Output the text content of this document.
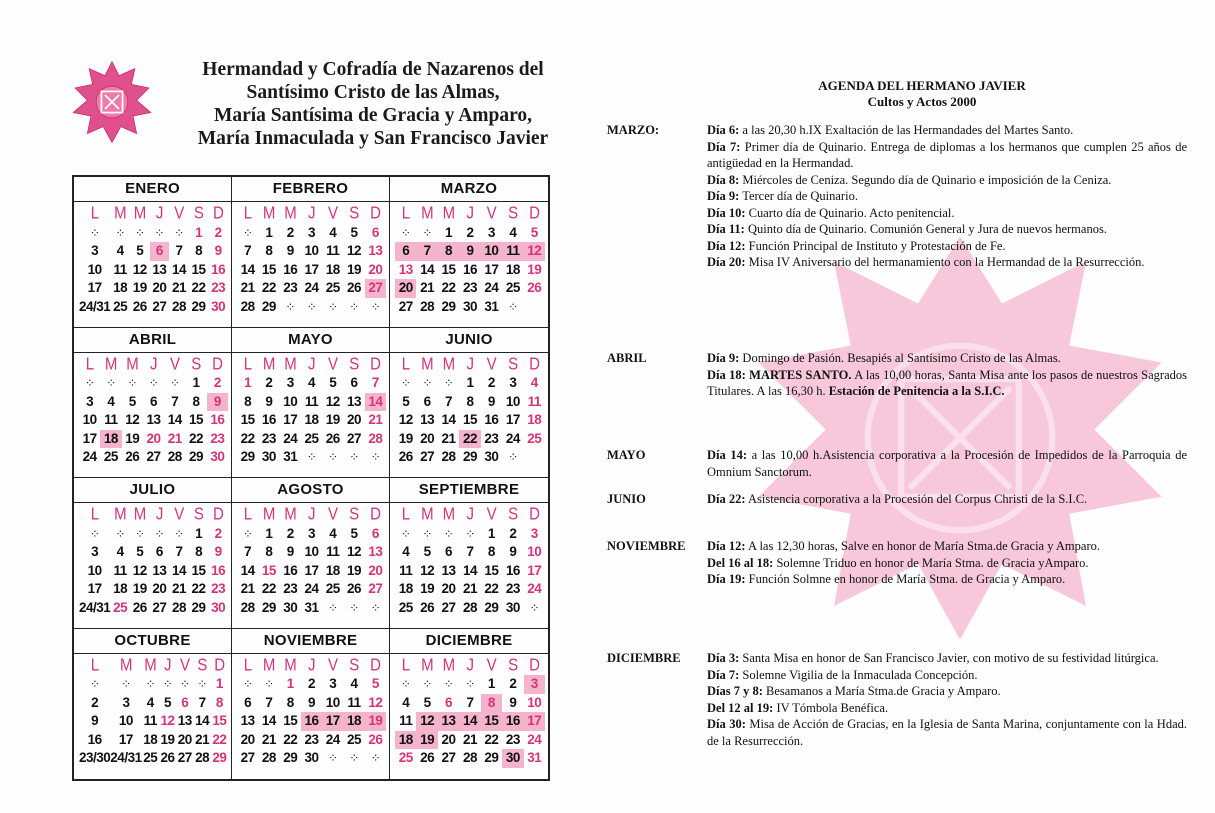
Hermandad y Cofradía de Nazarenos del
Santísimo Cristo de las Almas,
María Santísima de Gracia y Amparo,
María Inmaculada y San Francisco Javier
ENERO
L	M M J V S D
⁘	⁘ ⁘ ⁘ ⁘ 1 2
3	4 5 6 7 8 9
10 11 12 13 14 15 16
17 18 19 20 21 22 23
24/31 25 26 27 28 29 30
FEBRERO
L M M J V S D
⁘ 1	2	3	4	5	6
7	8	9 10 11 12 13
14 15 16 17 18 19 20
21 22 23 24 25 26 27
28 29 ⁘ ⁘ ⁘ ⁘ ⁘
MARZO
L M M J V S D
⁘ ⁘ 1	2	3	4	5
6	7	8	9 10 11 12
13 14 15 16 17 18 19
20 21 22 23 24 25 26
27 28 29 30 31 ⁘
ABRIL
L M M J V S D
⁘ ⁘ ⁘ ⁘ ⁘ 1	2
3	4	5	6	7	8	9
10 11 12 13 14 15 16
17 18 19 20 21 22 23
24 25 26 27 28 29 30
MAYO
L M M J V S D
1	2	3	4	5	6	7
8	9 10 11 12 13 14
15 16 17 18 19 20 21
22 23 24 25 26 27 28
29 30 31 ⁘ ⁘ ⁘ ⁘
JUNIO
L M M J V S D
⁘ ⁘ ⁘ 1	2	3	4
5	6	7	8	9 10 11
12 13 14 15 16 17 18
19 20 21 22 23 24 25
26 27 28 29 30 ⁘
JULIO
L	M M J V S D
⁘	⁘ ⁘ ⁘ ⁘ 1 2
3	4 5 6 7 8 9
10 11 12 13 14 15 16
17 18 19 20 21 22 23
24/31 25 26 27 28 29 30
AGOSTO
L M M J V S D
⁘ 1	2	3	4	5	6
7	8	9 10 11 12 13
14 15 16 17 18 19 20
21 22 23 24 25 26 27
28 29 30 31 ⁘ ⁘ ⁘
SEPTIEMBRE
L M M J V S D
⁘ ⁘ ⁘ ⁘ 1	2	3
4	5	6	7	8	9 10
11 12 13 14 15 16 17
18 19 20 21 22 23 24
25 26 27 28 29 30 ⁘
OCTUBRE
L	M M J V S D
⁘	⁘	⁘ ⁘ ⁘ ⁘ 1
2	3	4 5 6 7 8
9	10 11 12 13 14 15
16	17 18 19 20 21 22
23/30 24/31 25 26 27 28 29
NOVIEMBRE
L M M J V S D
⁘ ⁘ 1	2	3	4	5
6	7	8	9 10 11 12
13 14 15 16 17 18 19
20 21 22 23 24 25 26
27 28 29 30 ⁘ ⁘ ⁘
DICIEMBRE
L M M J V S D
⁘ ⁘ ⁘ ⁘ 1	2	3
4	5	6	7	8	9 10
11 12 13 14 15 16 17
18 19 20 21 22 23 24
25 26 27 28 29 30 31
AGENDA DEL HERMANO JAVIER
Cultos y Actos 2000
MARZO:	Día 6: a las 20,30 h.IX Exaltación de las Hermandades del Martes Santo.
Día 7: Primer día de Quinario. Entrega de diplomas a los hermanos que cumplen 25 años de antigüedad en la Hermandad.
Día 8: Miércoles de Ceniza. Segundo día de Quinario e imposición de la Ceniza.
Día 9: Tercer día de Quinario.
Día 10: Cuarto día de Quinario. Acto penitencial.
Día 11: Quinto día de Quinario. Comunión General y Jura de nuevos hermanos.
Día 12: Función Principal de Instituto y Protestación de Fe.
Día 20: Misa IV Aniversario del hermanamiento con la Hermandad de la Resurrección.
ABRIL	Día 9: Domingo de Pasión. Besapiés al Santísimo Cristo de las Almas.
Día 18: MARTES SANTO. A las 10,00 horas, Santa Misa ante los pasos de nuestros Sagrados Titulares. A las 16,30 h. Estación de Penitencia a la S.I.C.
MAYO	Día 14: a las 10,00 h.Asistencia corporativa a la Procesión de Impedidos de la Parroquia de Omnium Sanctorum.
JUNIO	Día 22: Asistencia corporativa a la Procesión del Corpus Christi de la S.I.C.
NOVIEMBRE Día 12: A las 12,30 horas, Salve en honor de María Stma.de Gracia y Amparo.
Del 16 al 18: Solemne Triduo en honor de María Stma. de Gracia yAmparo.
Día 19: Función Solmne en honor de María Stma. de Gracia y Amparo.
DICIEMBRE Día 3: Santa Misa en honor de San Francisco Javier, con motivo de su festividad litúrgica.
Día 7: Solemne Vigilia de la Inmaculada Concepción.
Días 7 y 8: Besamanos a María Stma.de Gracia y Amparo.
Del 12 al 19: IV Tómbola Benéfica.
Día 30: Misa de Acción de Gracias, en la Iglesia de Santa Marina, conjuntamente con la Hdad. de la Resurrección.
